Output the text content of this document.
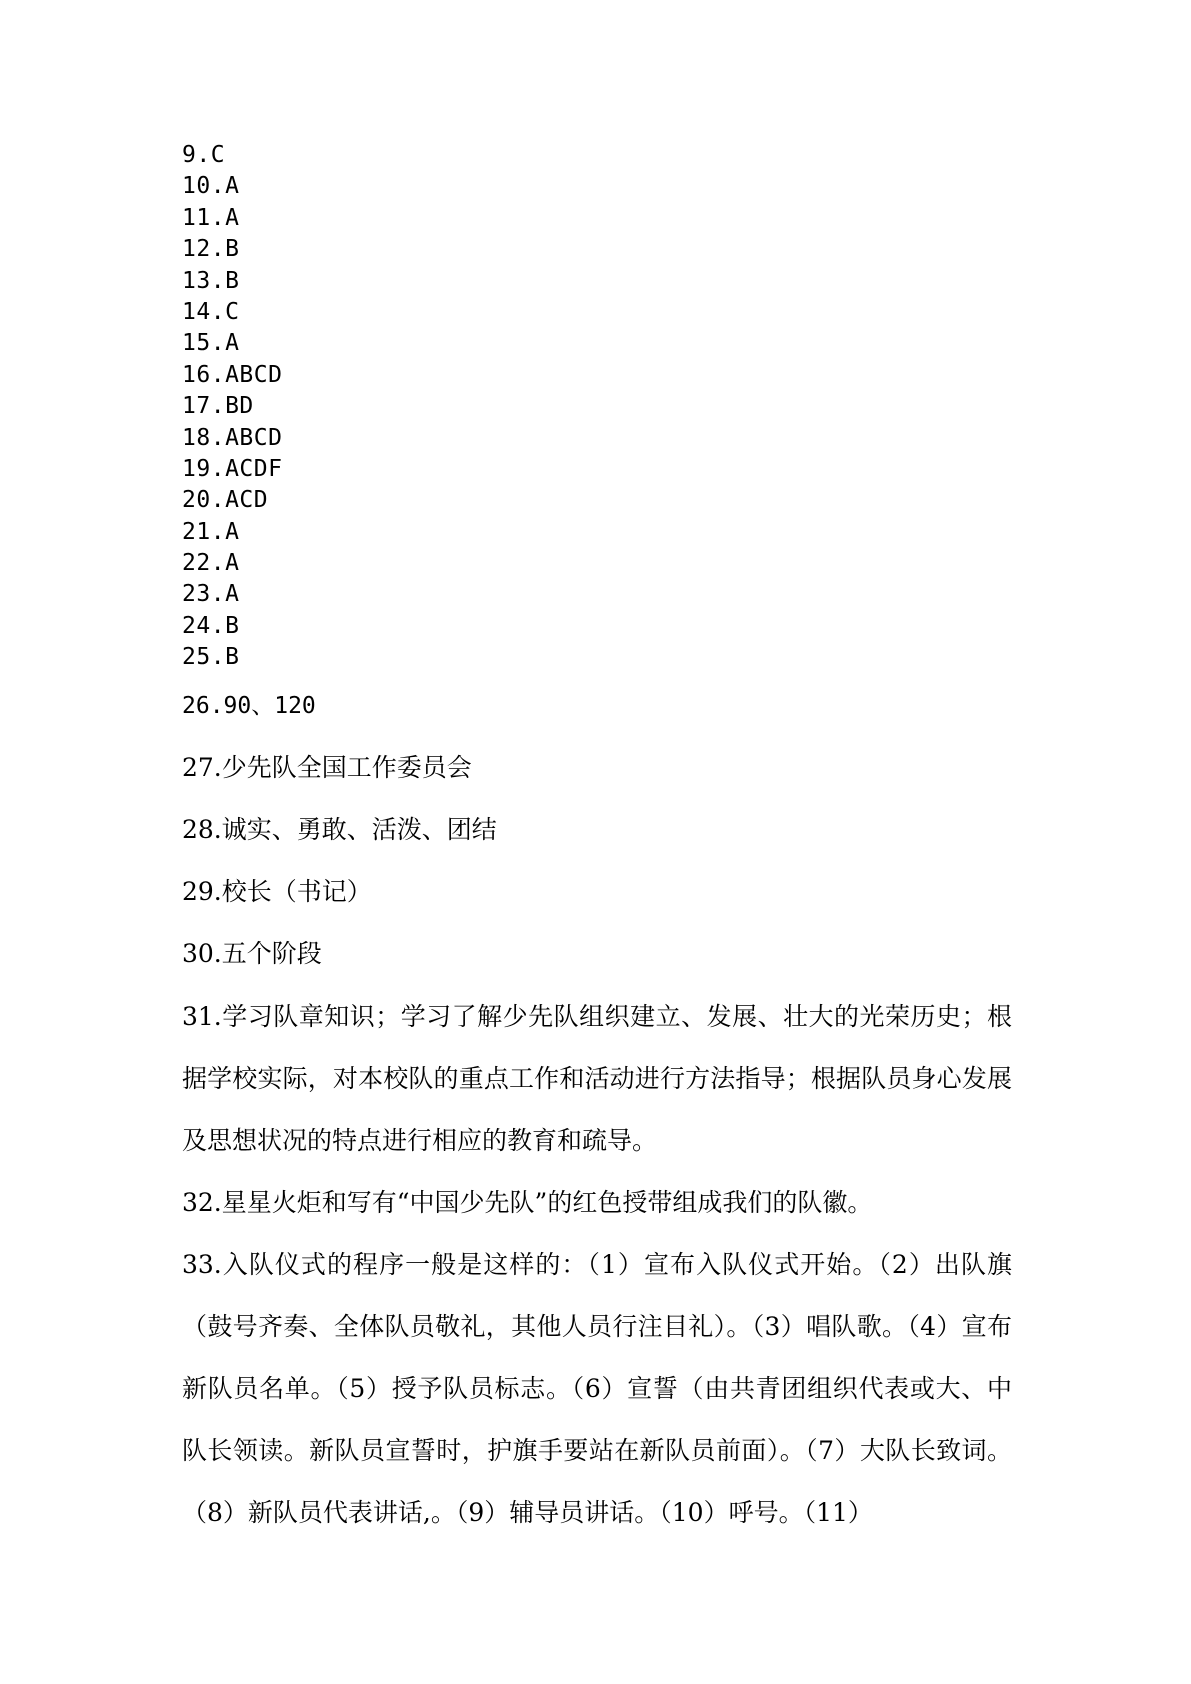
9.C
10.A
11.A
12.B
13.B
14.C
15.A
16.ABCD
17.BD
18.ABCD
19.ACDF
20.ACD
21.A
22.A
23.A
24.B
25.B
26.90、120
27.少先队全国工作委员会
28.诚实、勇敢、活泼、团结
29.校长（书记）
30.五个阶段

31.学习队章知识；学习了解少先队组织建立、发展、壮大的光荣历史；根据学校实际，对本校队的重点工作和活动进行方法指导；根据队员身心发展及思想状况的特点进行相应的教育和疏导。

32.星星火炬和写有“中国少先队”的红色授带组成我们的队徽。

33.入队仪式的程序一般是这样的：（1）宣布入队仪式开始。（2）出队旗（鼓号齐奏、全体队员敬礼，其他人员行注目礼）。（3）唱队歌。（4）宣布新队员名单。（5）授予队员标志。（6）宣誓（由共青团组织代表或大、中队长领读。新队员宣誓时，护旗手要站在新队员前面）。（7）大队长致词。（8）新队员代表讲话,。（9）辅导员讲话。（10）呼号。（11）
